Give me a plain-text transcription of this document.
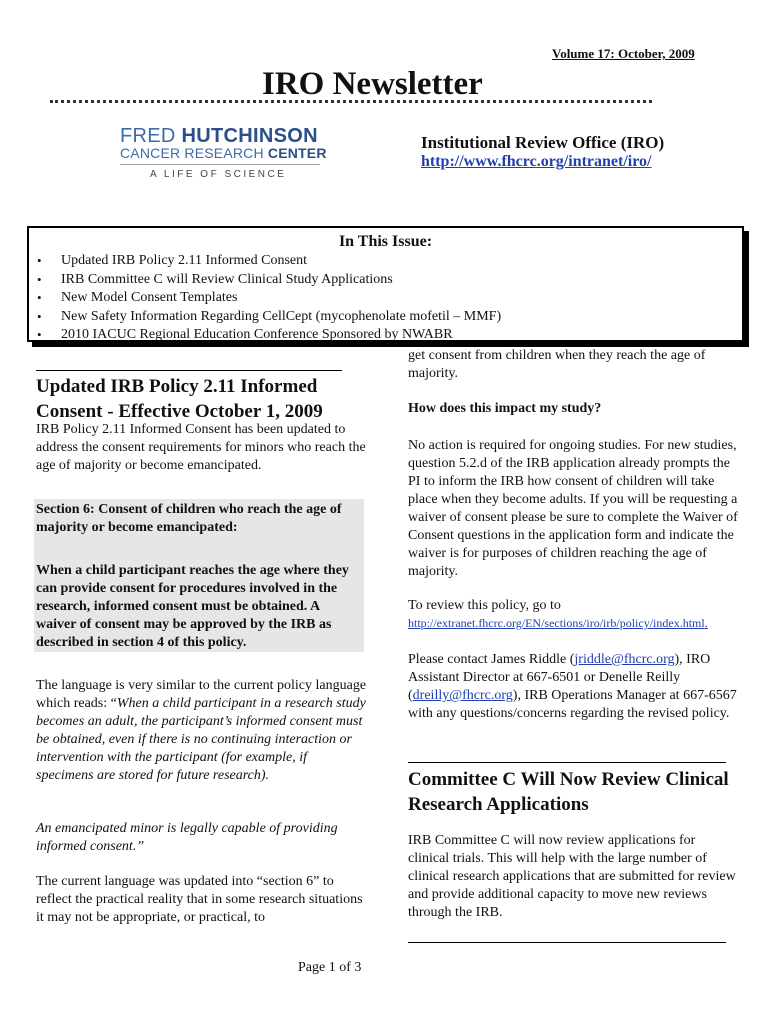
Volume 17: October, 2009
IRO Newsletter
FRED HUTCHINSON
CANCER RESEARCH CENTER
A LIFE OF SCIENCE
Institutional Review Office (IRO)
http://www.fhcrc.org/intranet/iro/
In This Issue:
• Updated IRB Policy 2.11 Informed Consent
• IRB Committee C will Review Clinical Study Applications
• New Model Consent Templates
• New Safety Information Regarding CellCept (mycophenolate mofetil – MMF)
• 2010 IACUC Regional Education Conference Sponsored by NWABR
Updated IRB Policy 2.11 Informed Consent - Effective October 1, 2009
IRB Policy 2.11 Informed Consent has been updated to address the consent requirements for minors who reach the age of majority or become emancipated.
Section 6: Consent of children who reach the age of majority or become emancipated:
When a child participant reaches the age where they can provide consent for procedures involved in the research, informed consent must be obtained. A waiver of consent may be approved by the IRB as described in section 4 of this policy.
The language is very similar to the current policy language which reads: “When a child participant in a research study becomes an adult, the participant’s informed consent must be obtained, even if there is no continuing interaction or intervention with the participant (for example, if specimens are stored for future research).
An emancipated minor is legally capable of providing informed consent.”
The current language was updated into “section 6” to reflect the practical reality that in some research situations it may not be appropriate, or practical, to
Page 1 of 3
get consent from children when they reach the age of majority.
How does this impact my study?
No action is required for ongoing studies. For new studies, question 5.2.d of the IRB application already prompts the PI to inform the IRB how consent of children will take place when they become adults. If you will be requesting a waiver of consent please be sure to complete the Waiver of Consent questions in the application form and indicate the waiver is for purposes of children reaching the age of majority.
To review this policy, go to
http://extranet.fhcrc.org/EN/sections/iro/irb/policy/index.html.
Please contact James Riddle (jriddle@fhcrc.org), IRO Assistant Director at 667-6501 or Denelle Reilly (dreilly@fhcrc.org), IRB Operations Manager at 667-6567 with any questions/concerns regarding the revised policy.
Committee C Will Now Review Clinical Research Applications
IRB Committee C will now review applications for clinical trials. This will help with the large number of clinical research applications that are submitted for review and provide additional capacity to move new reviews through the IRB.
